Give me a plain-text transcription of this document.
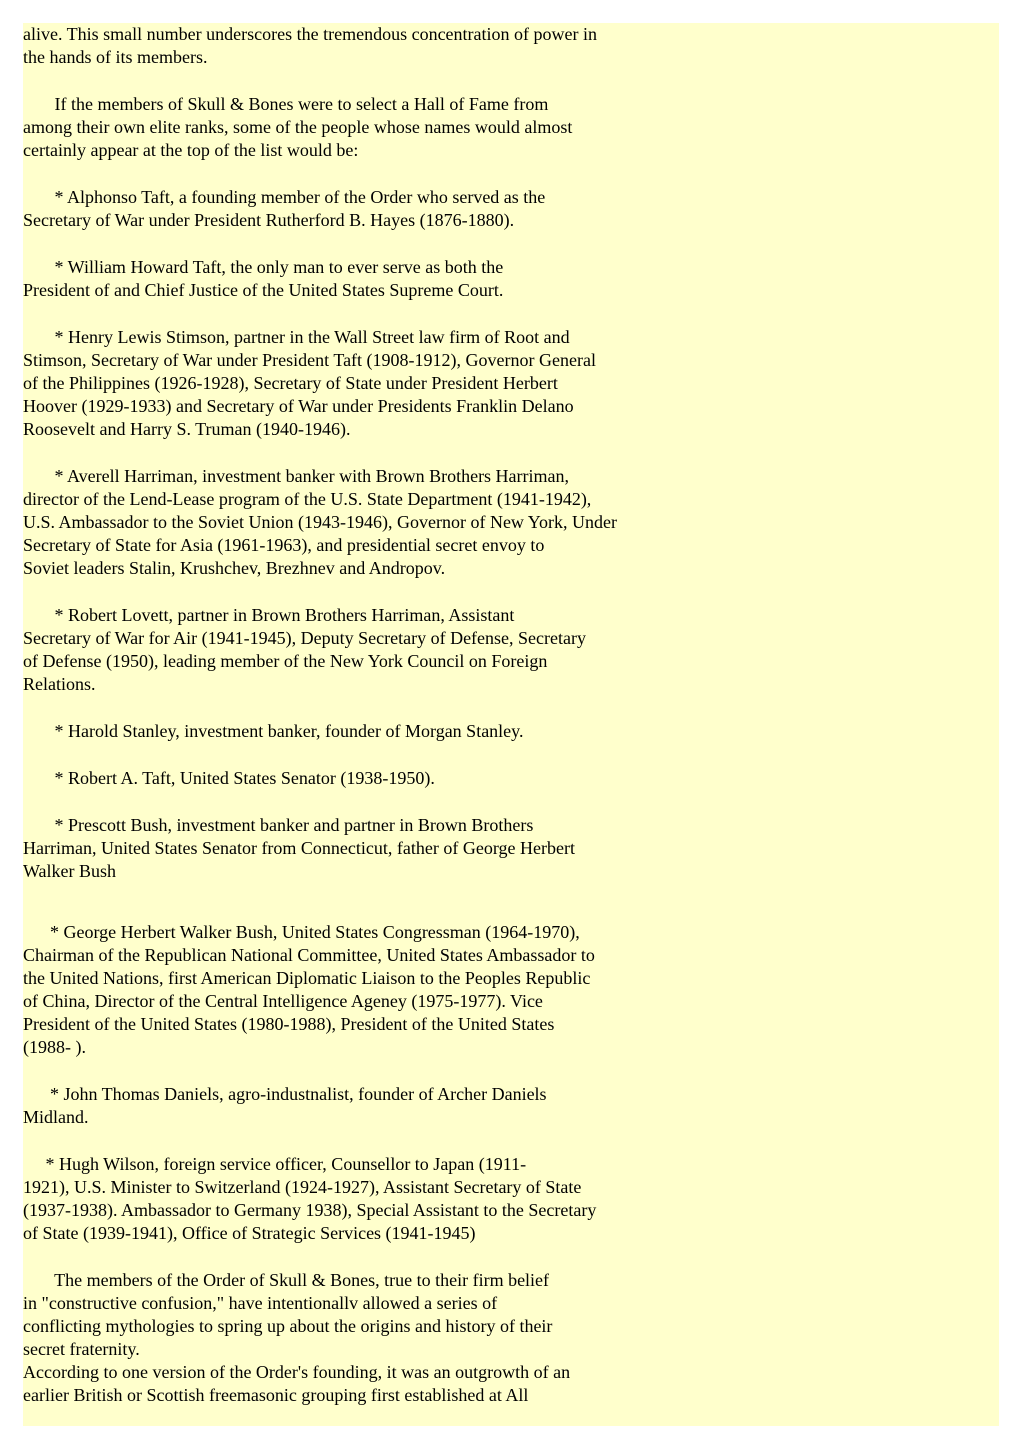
alive. This small number underscores the tremendous concentration of power in
the hands of its members.
If the members of Skull & Bones were to select a Hall of Fame from
among their own elite ranks, some of the people whose names would almost
certainly appear at the top of the list would be:
* Alphonso Taft, a founding member of the Order who served as the
Secretary of War under President Rutherford B. Hayes (1876-1880).
* William Howard Taft, the only man to ever serve as both the
President of and Chief Justice of the United States Supreme Court.
* Henry Lewis Stimson, partner in the Wall Street law firm of Root and
Stimson, Secretary of War under President Taft (1908-1912), Governor General
of the Philippines (1926-1928), Secretary of State under President Herbert
Hoover (1929-1933) and Secretary of War under Presidents Franklin Delano
Roosevelt and Harry S. Truman (1940-1946).
* Averell Harriman, investment banker with Brown Brothers Harriman,
director of the Lend-Lease program of the U.S. State Department (1941-1942),
U.S. Ambassador to the Soviet Union (1943-1946), Governor of New York, Under
Secretary of State for Asia (1961-1963), and presidential secret envoy to
Soviet leaders Stalin, Krushchev, Brezhnev and Andropov.
* Robert Lovett, partner in Brown Brothers Harriman, Assistant
Secretary of War for Air (1941-1945), Deputy Secretary of Defense, Secretary
of Defense (1950), leading member of the New York Council on Foreign
Relations.
* Harold Stanley, investment banker, founder of Morgan Stanley.
* Robert A. Taft, United States Senator (1938-1950).
* Prescott Bush, investment banker and partner in Brown Brothers
Harriman, United States Senator from Connecticut, father of George Herbert
Walker Bush
* George Herbert Walker Bush, United States Congressman (1964-1970),
Chairman of the Republican National Committee, United States Ambassador to
the United Nations, first American Diplomatic Liaison to the Peoples Republic
of China, Director of the Central Intelligence Ageney (1975-1977). Vice
President of the United States (1980-1988), President of the United States
(1988- ).
* John Thomas Daniels, agro-industnalist, founder of Archer Daniels
Midland.
* Hugh Wilson, foreign service officer, Counsellor to Japan (1911-
1921), U.S. Minister to Switzerland (1924-1927), Assistant Secretary of State
(1937-1938). Ambassador to Germany 1938), Special Assistant to the Secretary
of State (1939-1941), Office of Strategic Services (1941-1945)
The members of the Order of Skull & Bones, true to their firm belief
in "constructive confusion," have intentionallv allowed a series of
conflicting mythologies to spring up about the origins and history of their
secret fraternity.
According to one version of the Order's founding, it was an outgrowth of an
earlier British or Scottish freemasonic grouping first established at All
